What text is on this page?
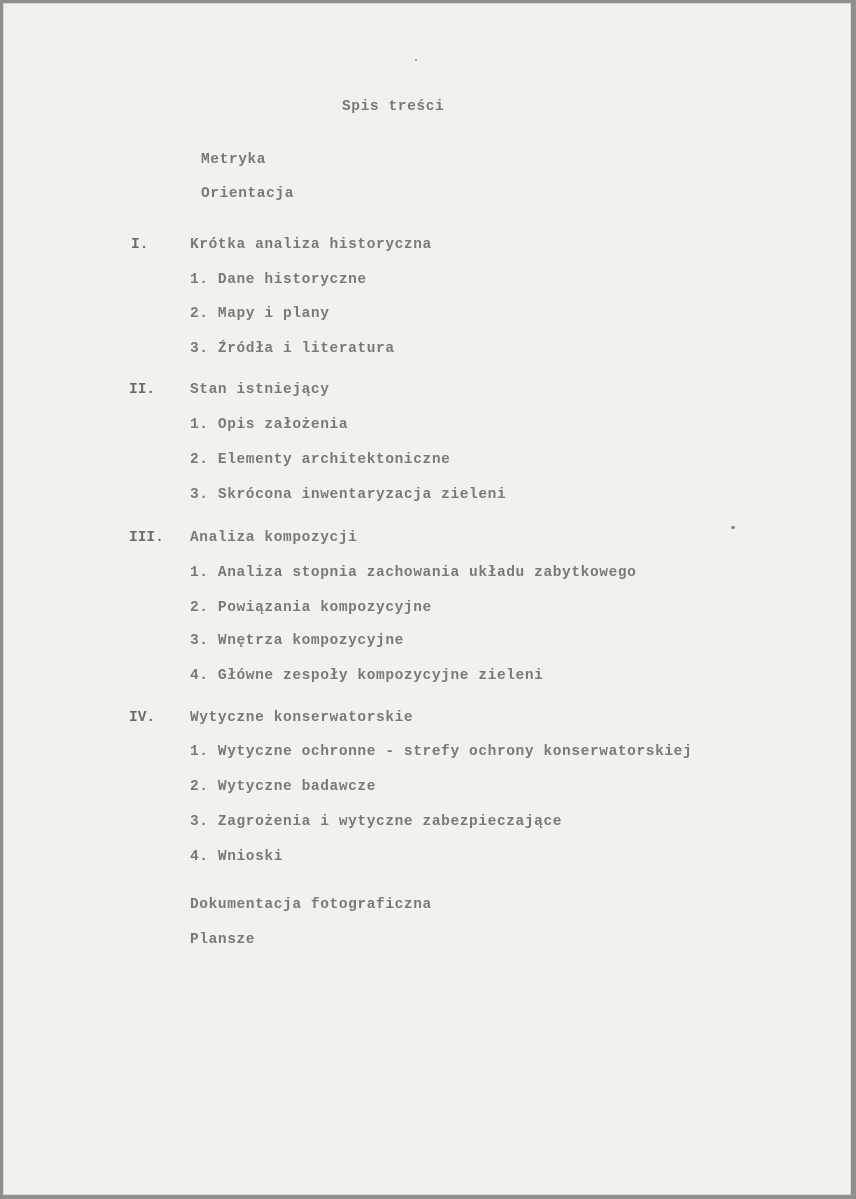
Spis treści
Metryka
Orientacja
I.	Krótka analiza historyczna
1. Dane historyczne
2. Mapy i plany
3. Źródła i literatura
II. Stan istniejący
1. Opis założenia
2. Elementy architektoniczne
3. Skrócona inwentaryzacja zieleni
III. Analiza kompozycji
1. Analiza stopnia zachowania układu zabytkowego
2. Powiązania kompozycyjne
3. Wnętrza kompozycyjne
4. Główne zespoły kompozycyjne zieleni
IV. Wytyczne konserwatorskie
1. Wytyczne ochronne - strefy ochrony konserwatorskiej
2. Wytyczne badawcze
3. Zagrożenia i wytyczne zabezpieczające
4. Wnioski
Dokumentacja fotograficzna
Plansze
